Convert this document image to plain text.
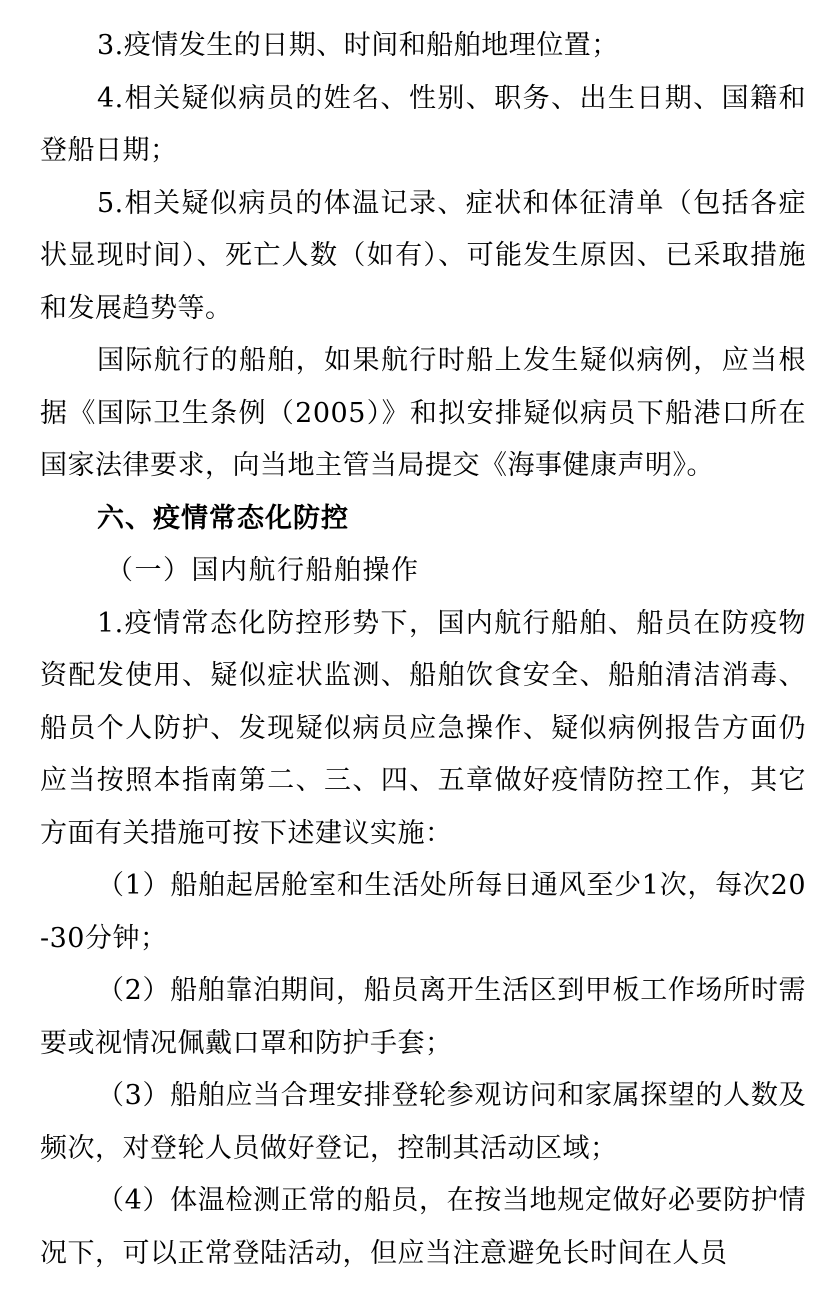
3.疫情发生的日期、时间和船舶地理位置；

4.相关疑似病员的姓名、性别、职务、出生日期、国籍和登船日期；

5.相关疑似病员的体温记录、症状和体征清单（包括各症状显现时间）、死亡人数（如有）、可能发生原因、已采取措施和发展趋势等。

国际航行的船舶，如果航行时船上发生疑似病例，应当根据《国际卫生条例（2005）》和拟安排疑似病员下船港口所在国家法律要求，向当地主管当局提交《海事健康声明》。

六、疫情常态化防控

（一）国内航行船舶操作

1.疫情常态化防控形势下，国内航行船舶、船员在防疫物资配发使用、疑似症状监测、船舶饮食安全、船舶清洁消毒、船员个人防护、发现疑似病员应急操作、疑似病例报告方面仍应当按照本指南第二、三、四、五章做好疫情防控工作，其它方面有关措施可按下述建议实施：

（1）船舶起居舱室和生活处所每日通风至少1次，每次20-30分钟；

（2）船舶靠泊期间，船员离开生活区到甲板工作场所时需要或视情况佩戴口罩和防护手套；

（3）船舶应当合理安排登轮参观访问和家属探望的人数及频次，对登轮人员做好登记，控制其活动区域；

（4）体温检测正常的船员，在按当地规定做好必要防护情况下，可以正常登陆活动，但应当注意避免长时间在人员
